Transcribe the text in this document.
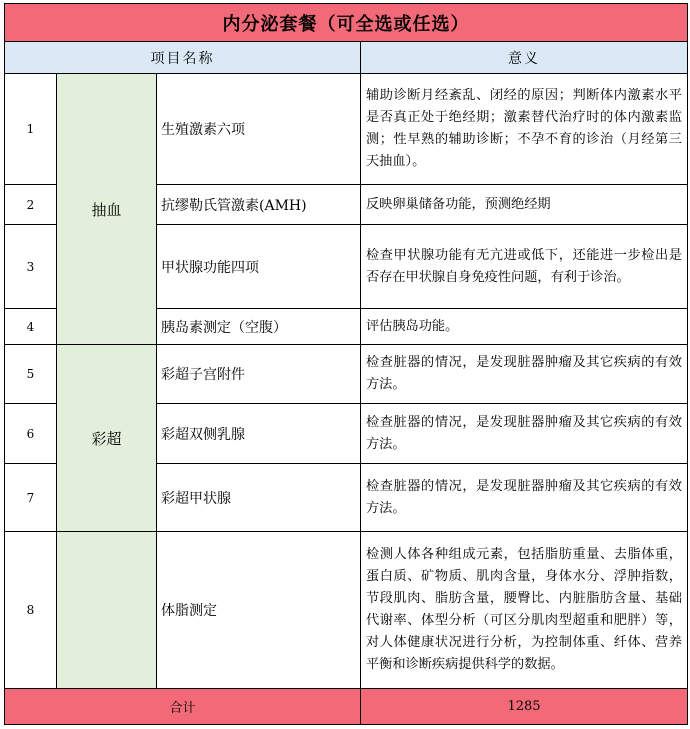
内分泌套餐（可全选或任选）			
项目名称			意义
1	抽血	生殖激素六项	辅助诊断月经紊乱、闭经的原因；判断体内激素水平是否真正处于绝经期；激素替代治疗时的体内激素监测；性早熟的辅助诊断；不孕不育的诊治（月经第三天抽血）。
2		抗缪勒氏管激素(AMH)	反映卵巢储备功能，预测绝经期
3		甲状腺功能四项	检查甲状腺功能有无亢进或低下，还能进一步检出是否存在甲状腺自身免疫性问题，有利于诊治。
4		胰岛素测定（空腹）	评估胰岛功能。
5	彩超	彩超子宫附件	检查脏器的情况，是发现脏器肿瘤及其它疾病的有效方法。
6		彩超双侧乳腺	检查脏器的情况，是发现脏器肿瘤及其它疾病的有效方法。
7		彩超甲状腺	检查脏器的情况，是发现脏器肿瘤及其它疾病的有效方法。
8		体脂测定	检测人体各种组成元素，包括脂肪重量、去脂体重，蛋白质、矿物质、肌肉含量，身体水分、浮肿指数，节段肌肉、脂肪含量，腰臀比、内脏脂肪含量、基础代谢率、体型分析（可区分肌肉型超重和肥胖）等，对人体健康状况进行分析，为控制体重、纤体、营养平衡和诊断疾病提供科学的数据。
合计			1285
